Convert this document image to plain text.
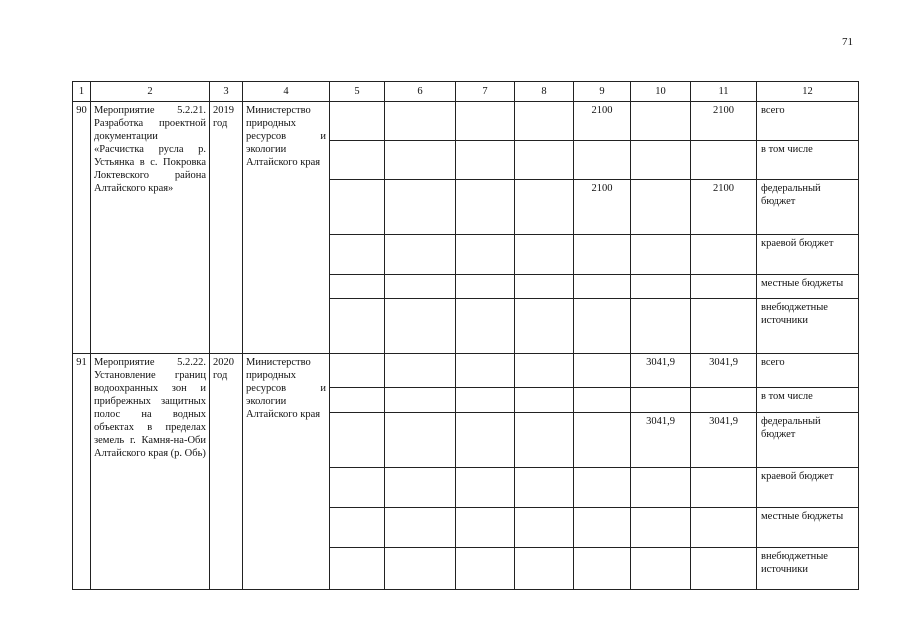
71
1	2	3	4	5	6	7	8	9	10	11	12
90	Мероприятие 5.2.21. Разработка проектной документации «Расчистка русла р. Устьянка в с. Покровка Локтевского района Алтайского края»	2019 год	Министерство природных ресурсов и экологии Алтайского края					2100		2100	всего
											в том числе
								2100		2100	федеральный бюджет
											краевой бюджет
											местные бюджеты
											внебюджетные источники
91	Мероприятие 5.2.22. Установление границ водоохранных зон и прибрежных защитных полос на водных объектах в пределах земель г. Камня-на-Оби Алтайского края (р. Обь)	2020 год	Министерство природных ресурсов и экологии Алтайского края						3041,9	3041,9	всего
											в том числе
									3041,9	3041,9	федеральный бюджет
											краевой бюджет
											местные бюджеты
											внебюджетные источники
